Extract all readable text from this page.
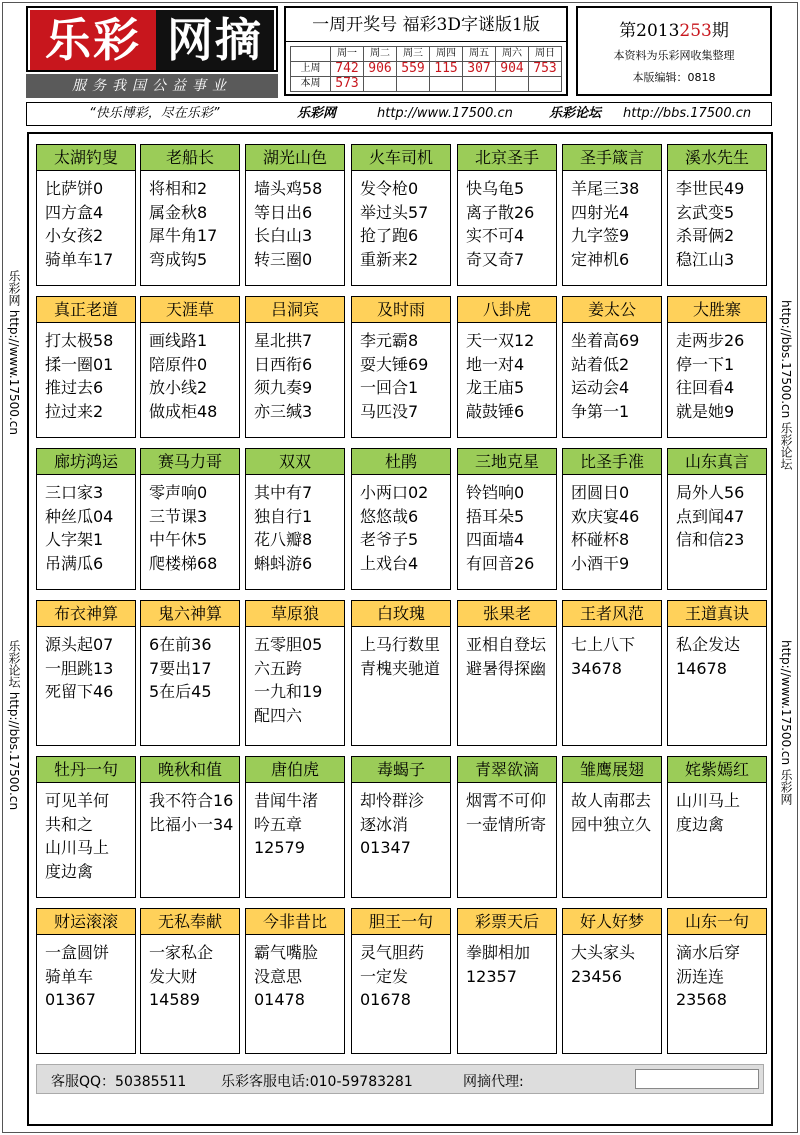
乐彩 网摘
服务我国公益事业
一周开奖号 福彩3D字谜版1版
	周一	周二	周三	周四	周五	周六	周日
上周	742	906	559	115	307	904	753
本周	573						
第2013253期
本资料为乐彩网收集整理
本版编辑：0818
“快乐博彩，尽在乐彩”	乐彩网	http://www.17500.cn	乐彩论坛 http://bbs.17500.cn
乐彩网 http://www.17500.cn
乐彩论坛 http://bbs.17500.cn
http://bbs.17500.cn 乐彩论坛
http://www.17500.cn 乐彩网
太湖钓叟
比萨饼0
四方盒4
小女孩2
骑单车17
老船长
将相和2
属金秋8
犀牛角17
弯成钩5
湖光山色
墙头鸡58
等日出6
长白山3
转三圈0
火车司机
发令枪0
举过头57
抢了跑6
重新来2
北京圣手
快乌龟5
离子散26
实不可4
奇又奇7
圣手箴言
羊尾三38
四射光4
九字签9
定神机6
溪水先生
李世民49
玄武变5
杀哥俩2
稳江山3
真正老道
打太极58
揉一圈01
推过去6
拉过来2
天涯草
画线路1
陪原件0
放小线2
做成柜48
吕洞宾
星北拱7
日西衔6
须九奏9
亦三缄3
及时雨
李元霸8
耍大锤69
一回合1
马匹没7
八卦虎
天一双12
地一对4
龙王庙5
敲鼓锤6
姜太公
坐着高69
站着低2
运动会4
争第一1
大胜寨
走两步26
停一下1
往回看4
就是她9
廊坊鸿运
三口家3
种丝瓜04
人字架1
吊满瓜6
赛马力哥
零声响0
三节课3
中午休5
爬楼梯68
双双
其中有7
独自行1
花八瓣8
蝌蚪游6
杜鹃
小两口02
悠悠哉6
老爷子5
上戏台4
三地克星
铃铛响0
捂耳朵5
四面墙4
有回音26
比圣手准
团圆日0
欢庆宴46
杯碰杯8
小酒干9
山东真言
局外人56
点到闻47
信和信23
布衣神算
源头起07
一胆跳13
死留下46
鬼六神算
6在前36
7要出17
5在后45
草原狼
五零胆05
六五跨
一九和19
配四六
白玫瑰
上马行数里
青槐夹驰道
张果老
亚相自登坛
避暑得探幽
王者风范
七上八下
34678
王道真诀
私企发达
14678
牡丹一句
可见羊何
共和之
山川马上
度边禽
晚秋和值
我不符合16
比福小一34
唐伯虎
昔闻牛渚
吟五章
12579
毒蝎子
却怜群沴
逐冰消
01347
青翠欲滴
烟霄不可仰
一壶情所寄
雏鹰展翅
故人南郡去
园中独立久
姹紫嫣红
山川马上
度边禽
财运滚滚
一盒圆饼
骑单车
01367
无私奉献
一家私企
发大财
14589
今非昔比
霸气嘴脸
没意思
01478
胆王一句
灵气胆药
一定发
01678
彩票天后
拳脚相加
12357
好人好梦
大头家头
23456
山东一句
滴水后穿
沥连连
23568
客服QQ：50385511 乐彩客服电话:010-59783281	网摘代理:
